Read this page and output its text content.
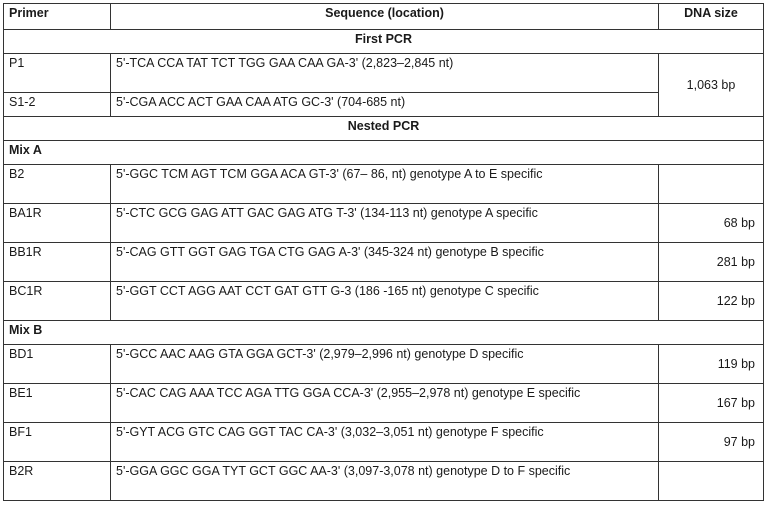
Primer	Sequence (location)	DNA size
First PCR		
P1	5'-TCA CCA TAT TCT TGG GAA CAA GA-3' (2,823–2,845 nt)	1,063 bp
S1-2	5'-CGA ACC ACT GAA CAA ATG GC-3' (704-685 nt)	
Nested PCR		
Mix A		
B2	5'-GGC TCM AGT TCM GGA ACA GT-3' (67– 86, nt) genotype A to E specific	
BA1R	5'-CTC GCG GAG ATT GAC GAG ATG T-3' (134-113 nt) genotype A specific	68 bp
BB1R	5'-CAG GTT GGT GAG TGA CTG GAG A-3' (345-324 nt) genotype B specific	281 bp
BC1R	5'-GGT CCT AGG AAT CCT GAT GTT G-3 (186 -165 nt) genotype C specific	122 bp
Mix B		
BD1	5'-GCC AAC AAG GTA GGA GCT-3' (2,979–2,996 nt) genotype D specific	119 bp
BE1	5'-CAC CAG AAA TCC AGA TTG GGA CCA-3' (2,955–2,978 nt) genotype E specific	167 bp
BF1	5'-GYT ACG GTC CAG GGT TAC CA-3' (3,032–3,051 nt) genotype F specific	97 bp
B2R	5'-GGA GGC GGA TYT GCT GGC AA-3' (3,097-3,078 nt) genotype D to F specific	
